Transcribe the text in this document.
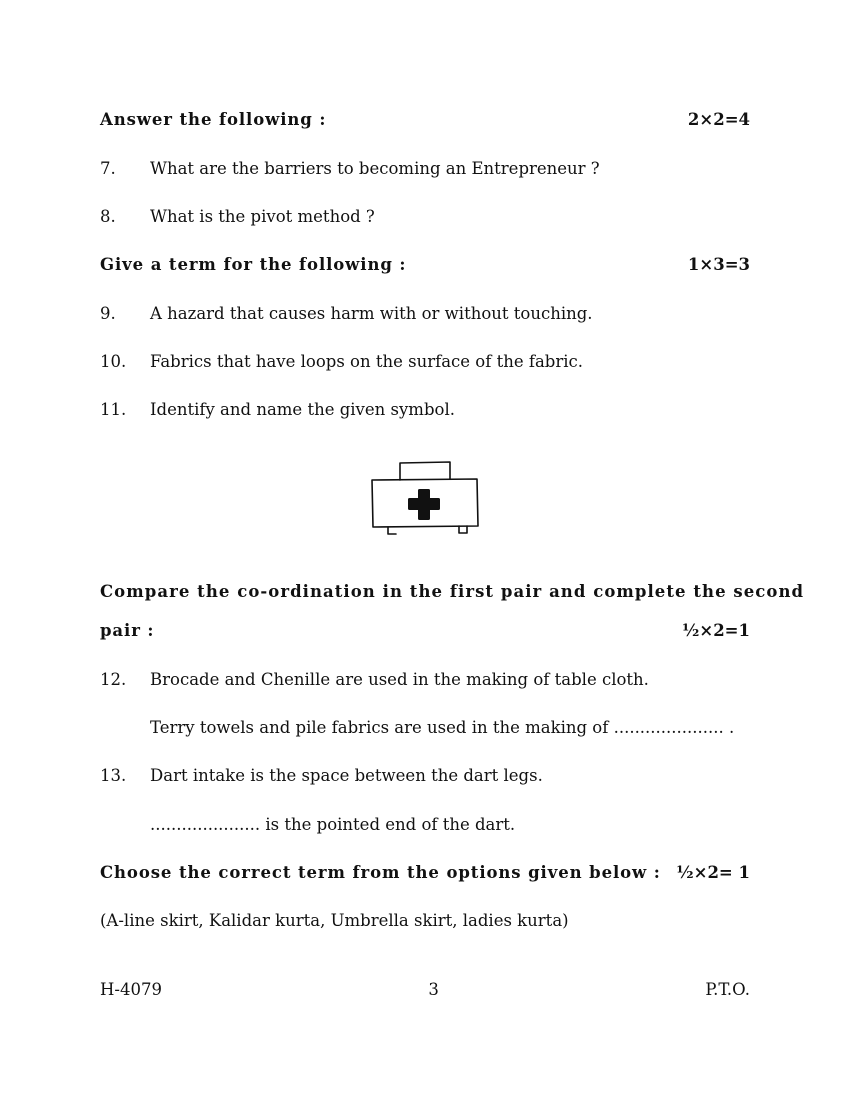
Answer the following :	2×2=4
7.	What are the barriers to becoming an Entrepreneur ?
8.	What is the pivot method ?
Give a term for the following :	1×3=3
9.	A hazard that causes harm with or without touching.
10.	Fabrics that have loops on the surface of the fabric.
11.	Identify and name the given symbol.
Compare the co-ordination in the first pair and complete the second
pair :	½×2=1
12.	Brocade and Chenille are used in the making of table cloth.
Terry towels and pile fabrics are used in the making of ..................... .
13.	Dart intake is the space between the dart legs.
..................... is the pointed end of the dart.
Choose the correct term from the options given below : ½×2= 1
(A-line skirt, Kalidar kurta, Umbrella skirt, ladies kurta)
H-4079	3	P.T.O.
